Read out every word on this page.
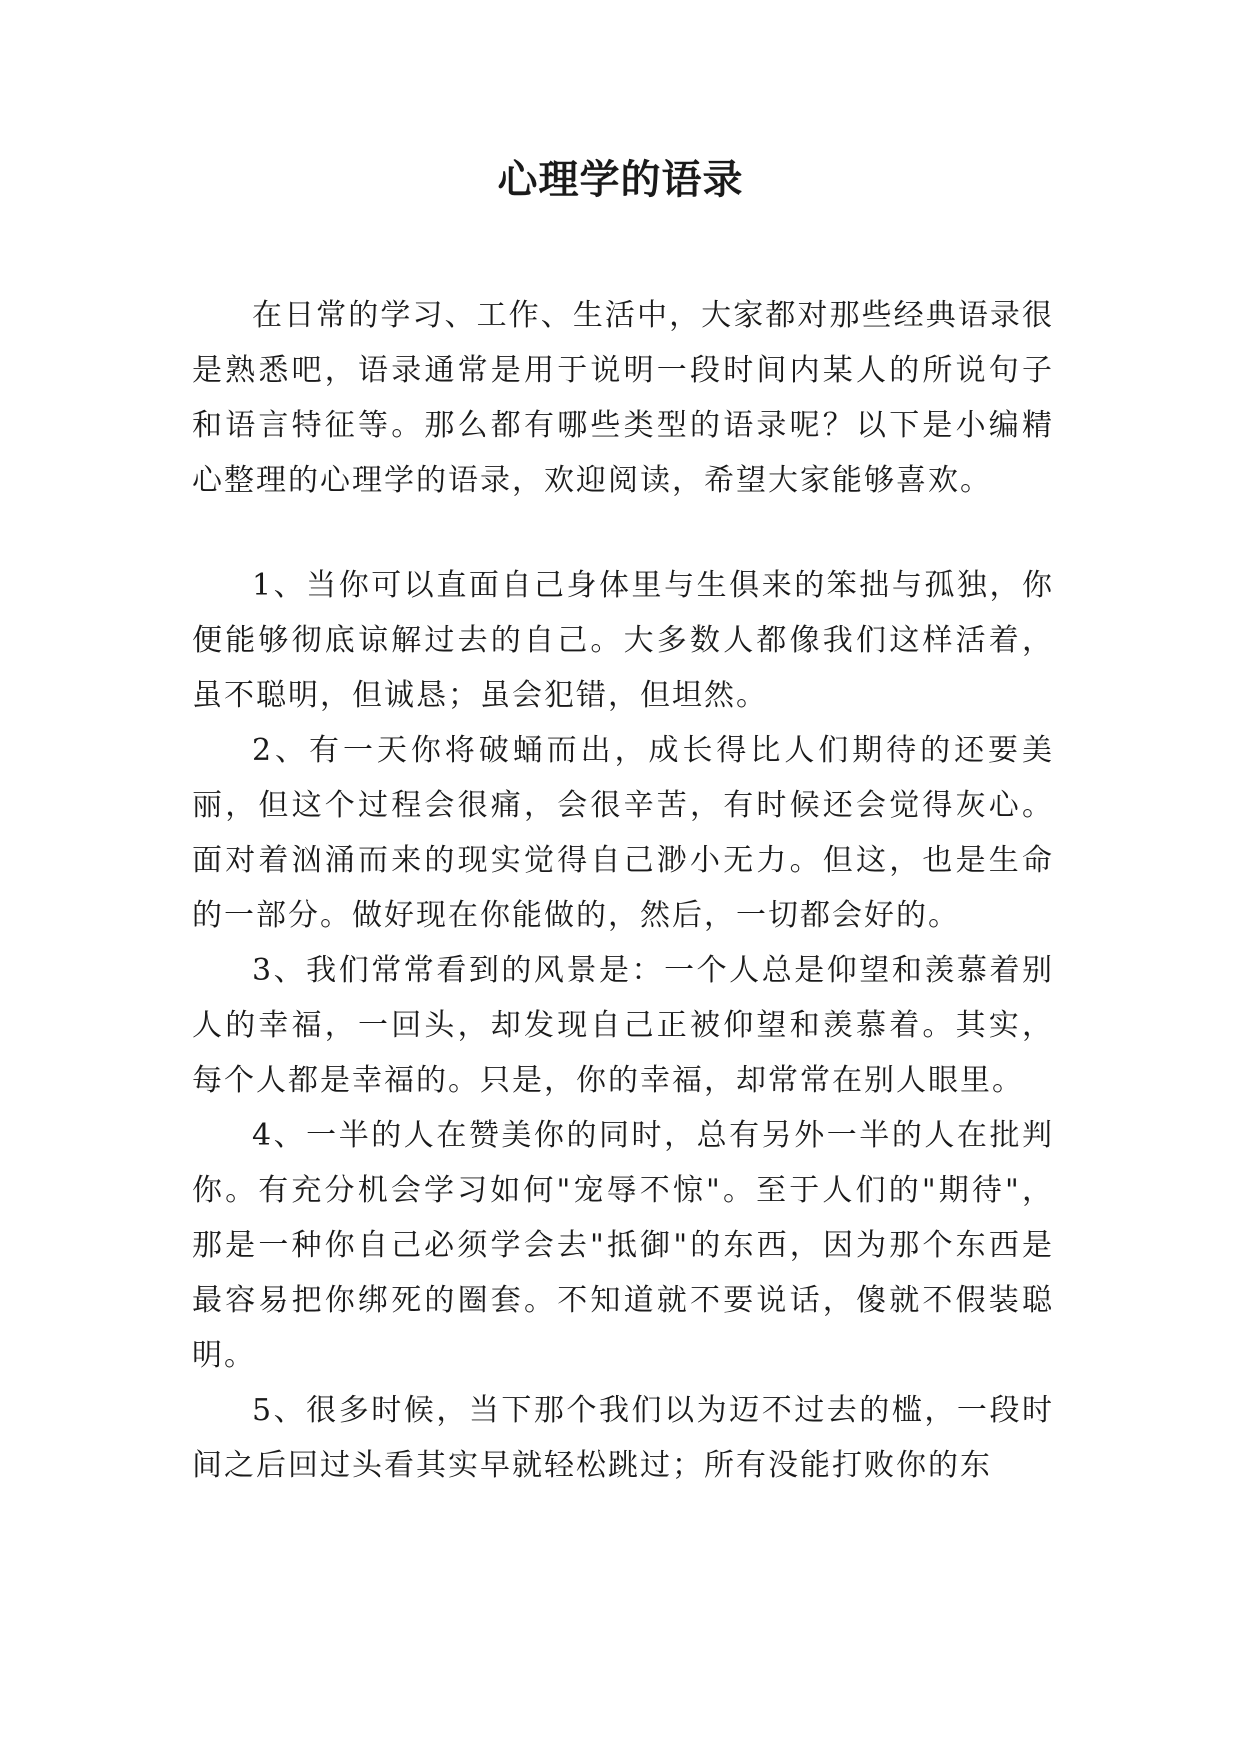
心理学的语录

在日常的学习、工作、生活中，大家都对那些经典语录很是熟悉吧，语录通常是用于说明一段时间内某人的所说句子和语言特征等。那么都有哪些类型的语录呢？以下是小编精心整理的心理学的语录，欢迎阅读，希望大家能够喜欢。

1、当你可以直面自己身体里与生俱来的笨拙与孤独，你便能够彻底谅解过去的自己。大多数人都像我们这样活着，虽不聪明，但诚恳；虽会犯错，但坦然。

2、有一天你将破蛹而出，成长得比人们期待的还要美丽，但这个过程会很痛，会很辛苦，有时候还会觉得灰心。面对着汹涌而来的现实觉得自己渺小无力。但这，也是生命的一部分。做好现在你能做的，然后，一切都会好的。

3、我们常常看到的风景是：一个人总是仰望和羡慕着别人的幸福，一回头，却发现自己正被仰望和羡慕着。其实，每个人都是幸福的。只是，你的幸福，却常常在别人眼里。

4、一半的人在赞美你的同时，总有另外一半的人在批判你。有充分机会学习如何"宠辱不惊"。至于人们的"期待"，那是一种你自己必须学会去"抵御"的东西，因为那个东西是最容易把你绑死的圈套。不知道就不要说话，傻就不假装聪明。

5、很多时候，当下那个我们以为迈不过去的槛，一段时间之后回过头看其实早就轻松跳过；所有没能打败你的东
